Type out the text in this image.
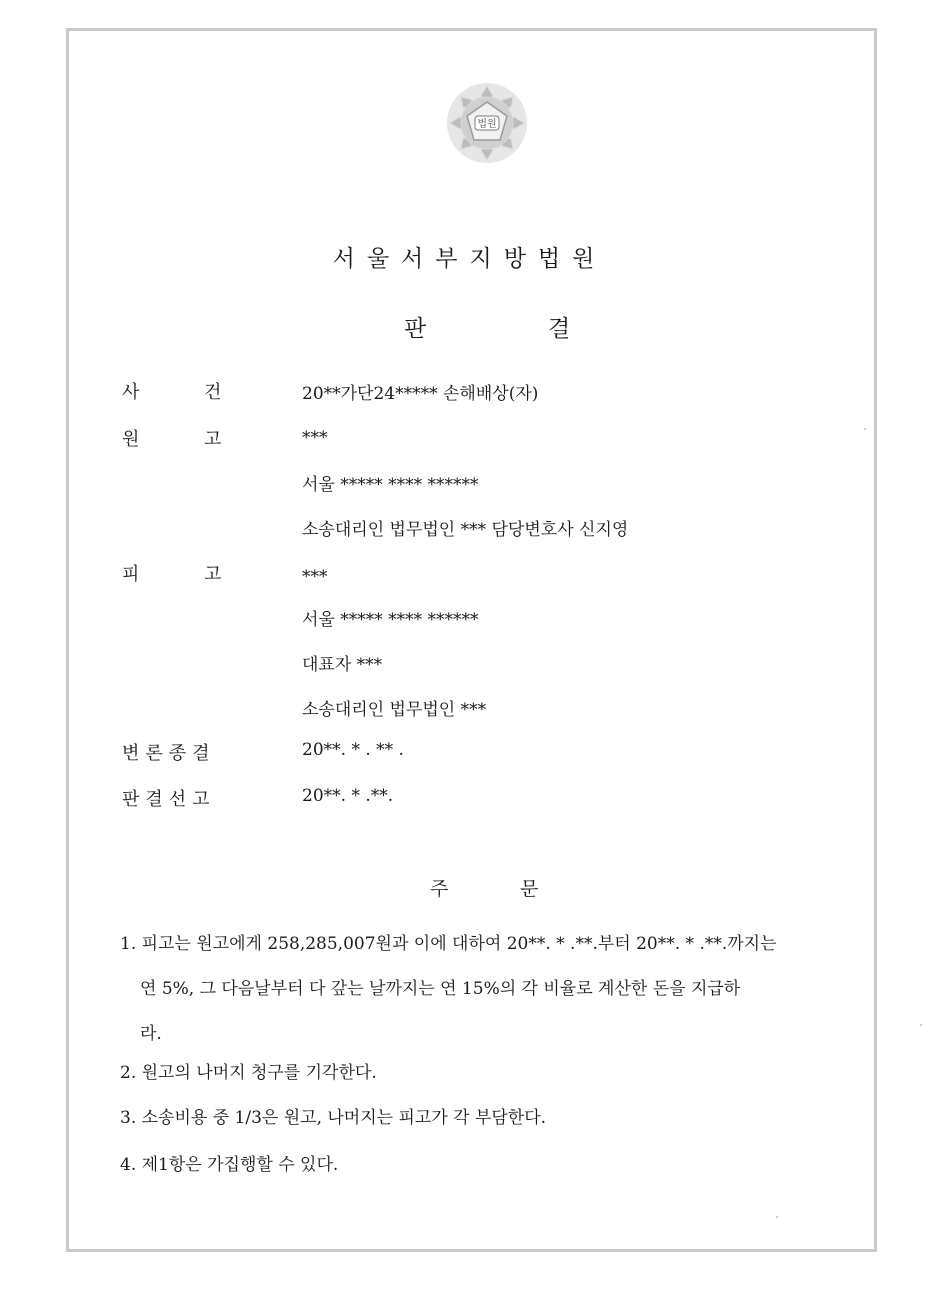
법원
서울서부지방법원
판	결
사	건	20**가단24***** 손해배상(자)
원	고	***
서울 ***** **** ******
소송대리인 법무법인 *** 담당변호사 신지영
피	고	***
서울 ***** **** ******
대표자 ***
소송대리인 법무법인 ***
변론종결	20**. * . ** .
판결선고	20**. * .**.
주	문
1. 피고는 원고에게 258,285,007원과 이에 대하여 20**. * .**.부터 20**. * .**.까지는
연 5%, 그 다음날부터 다 갚는 날까지는 연 15%의 각 비율로 계산한 돈을 지급하
라.
2. 원고의 나머지 청구를 기각한다.
3. 소송비용 중 1/3은 원고, 나머지는 피고가 각 부담한다.
4. 제1항은 가집행할 수 있다.
